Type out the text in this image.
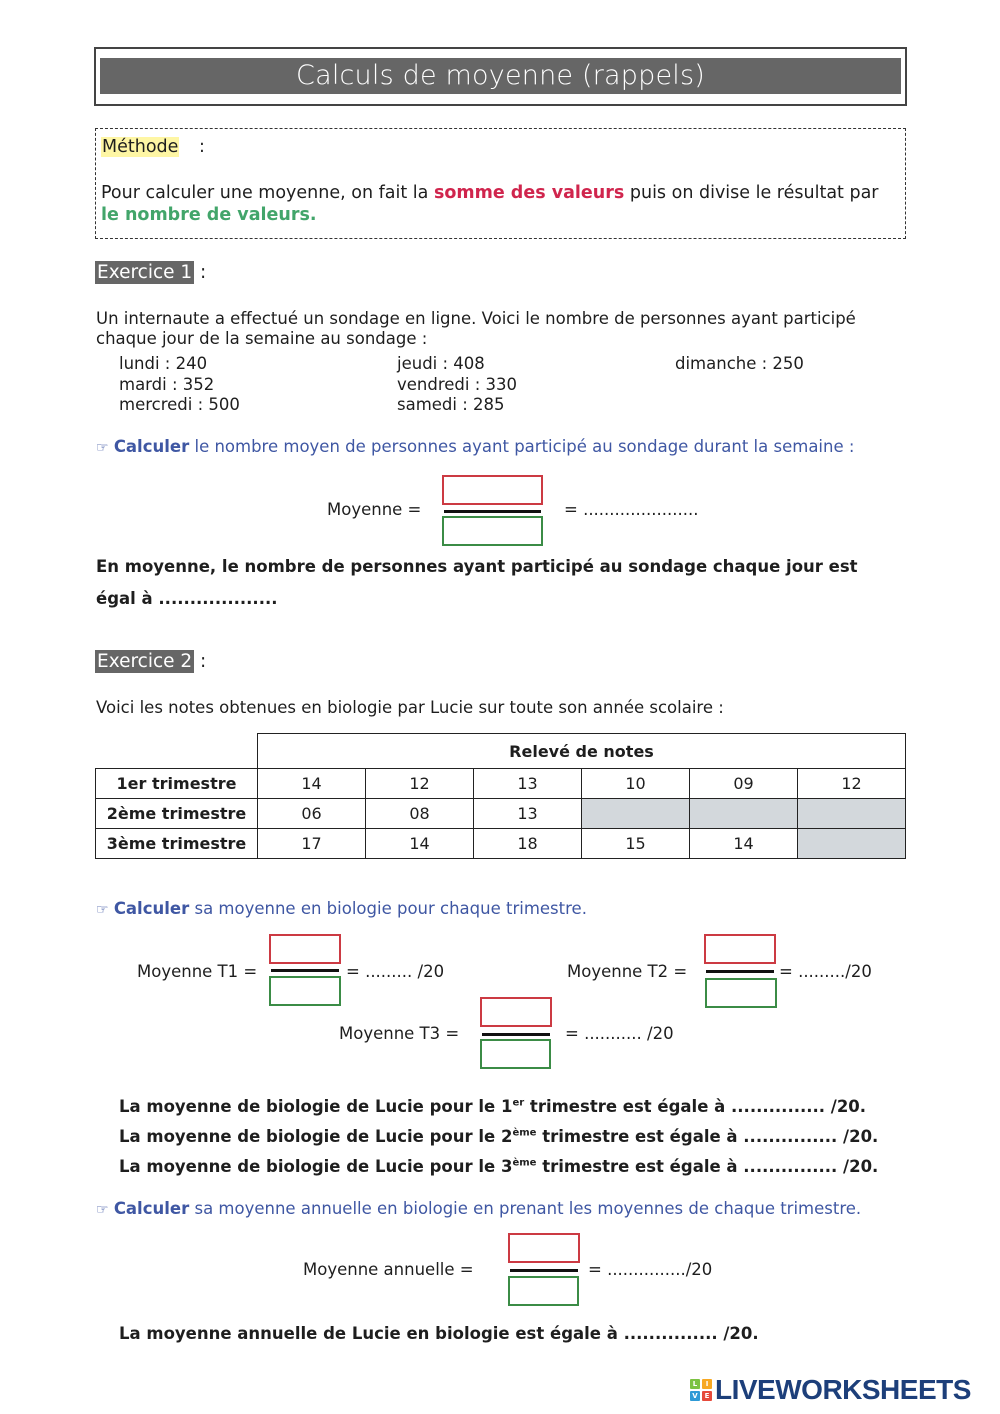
Calculs de moyenne (rappels)
Méthode :
Pour calculer une moyenne, on fait la somme des valeurs puis on divise le résultat par le nombre de valeurs.
Exercice 1 :
Un internaute a effectué un sondage en ligne. Voici le nombre de personnes ayant participé chaque jour de la semaine au sondage :
lundi : 240
mardi : 352
mercredi : 500
jeudi : 408
vendredi : 330
samedi : 285
dimanche : 250
☞ Calculer le nombre moyen de personnes ayant participé au sondage durant la semaine :
Moyenne =	= ......................
En moyenne, le nombre de personnes ayant participé au sondage chaque jour est
égal à ...................
Exercice 2 :
Voici les notes obtenues en biologie par Lucie sur toute son année scolaire :
	Relevé de notes					
1er trimestre	14	12	13	10	09	12
2ème trimestre	06	08	13			
3ème trimestre	17	14	18	15	14	
☞ Calculer sa moyenne en biologie pour chaque trimestre.
Moyenne T1 =	= ......... /20	Moyenne T2 =	= ........./20
Moyenne T3 =	= ........... /20
La moyenne de biologie de Lucie pour le 1er trimestre est égale à ............... /20.
La moyenne de biologie de Lucie pour le 2ème trimestre est égale à ............... /20.
La moyenne de biologie de Lucie pour le 3ème trimestre est égale à ............... /20.
☞ Calculer sa moyenne annuelle en biologie en prenant les moyennes de chaque trimestre.
Moyenne annuelle =	= .............../20
La moyenne annuelle de Lucie en biologie est égale à ............... /20.
L	I
V E LIVEWORKSHEETS
